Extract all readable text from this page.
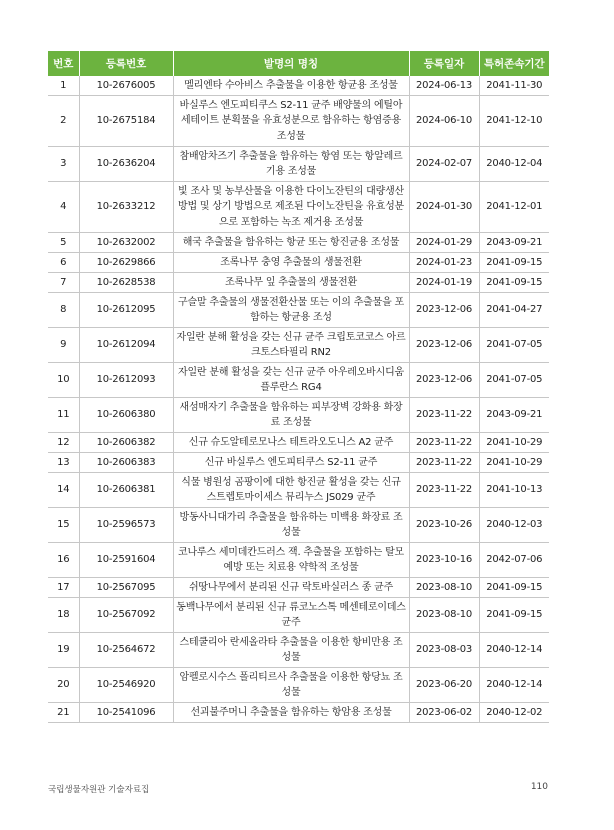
번호	등록번호	발명의 명칭	등록일자	특허존속기간
1	10-2676005	멜리엔타 수아비스 추출물을 이용한 항균용 조성물	2024-06-13	2041-11-30
2	10-2675184	바실루스 엔도피티쿠스 S2-11 균주 배양물의 에틸아세테이트 분획물을 유효성분으로 함유하는 항염증용 조성물	2024-06-10	2041-12-10
3	10-2636204	참배암차즈기 추출물을 함유하는 항염 또는 항알레르기용 조성물	2024-02-07	2040-12-04
4	10-2633212	빛 조사 및 농부산물을 이용한 다이노잔틴의 대량생산방법 및 상기 방법으로 제조된 다이노잔틴을 유효성분으로 포함하는 녹조 제거용 조성물	2024-01-30	2041-12-01
5	10-2632002	해국 추출물을 함유하는 항균 또는 항진균용 조성물	2024-01-29	2043-09-21
6	10-2629866	조록나무 충영 추출물의 생물전환	2024-01-23	2041-09-15
7	10-2628538	조록나무 잎 추출물의 생물전환	2024-01-19	2041-09-15
8	10-2612095	구슬말 추출물의 생물전환산물 또는 이의 추출물을 포함하는 항균용 조성	2023-12-06	2041-04-27
9	10-2612094	자일란 분해 활성을 갖는 신규 균주 크립토코코스 아르크토스타필리 RN2	2023-12-06	2041-07-05
10	10-2612093	자일란 분해 활성을 갖는 신규 균주 아우레오바시디움 플루란스 RG4	2023-12-06	2041-07-05
11	10-2606380	새섬매자기 추출물을 함유하는 피부장벽 강화용 화장료 조성물	2023-11-22	2043-09-21
12	10-2606382	신규 슈도알테로모나스 테트라오도니스 A2 균주	2023-11-22	2041-10-29
13	10-2606383	신규 바실루스 엔도피티쿠스 S2-11 균주	2023-11-22	2041-10-29
14	10-2606381	식물 병원성 곰팡이에 대한 항진균 활성을 갖는 신규 스트렙토마이세스 뮤리누스 JS029 균주	2023-11-22	2041-10-13
15	10-2596573	방동사니대가리 추출물을 함유하는 미백용 화장료 조성물	2023-10-26	2040-12-03
16	10-2591604	코나루스 세미데칸드러스 잭. 추출물을 포함하는 탈모 예방 또는 치료용 약학적 조성물	2023-10-16	2042-07-06
17	10-2567095	쉬땅나무에서 분리된 신규 락토바실러스 종 균주	2023-08-10	2041-09-15
18	10-2567092	동백나무에서 분리된 신규 류코노스톡 메센테로이데스 균주	2023-08-10	2041-09-15
19	10-2564672	스테쿨리아 란세올라타 추출물을 이용한 항비만용 조성물	2023-08-03	2040-12-14
20	10-2546920	암펠로시수스 폴리티르사 추출물을 이용한 항당뇨 조성물	2023-06-20	2040-12-14
21	10-2541096	선괴불주머니 추출물을 함유하는 항암용 조성물	2023-06-02	2040-12-02
국립생물자원관 기술자료집	110
